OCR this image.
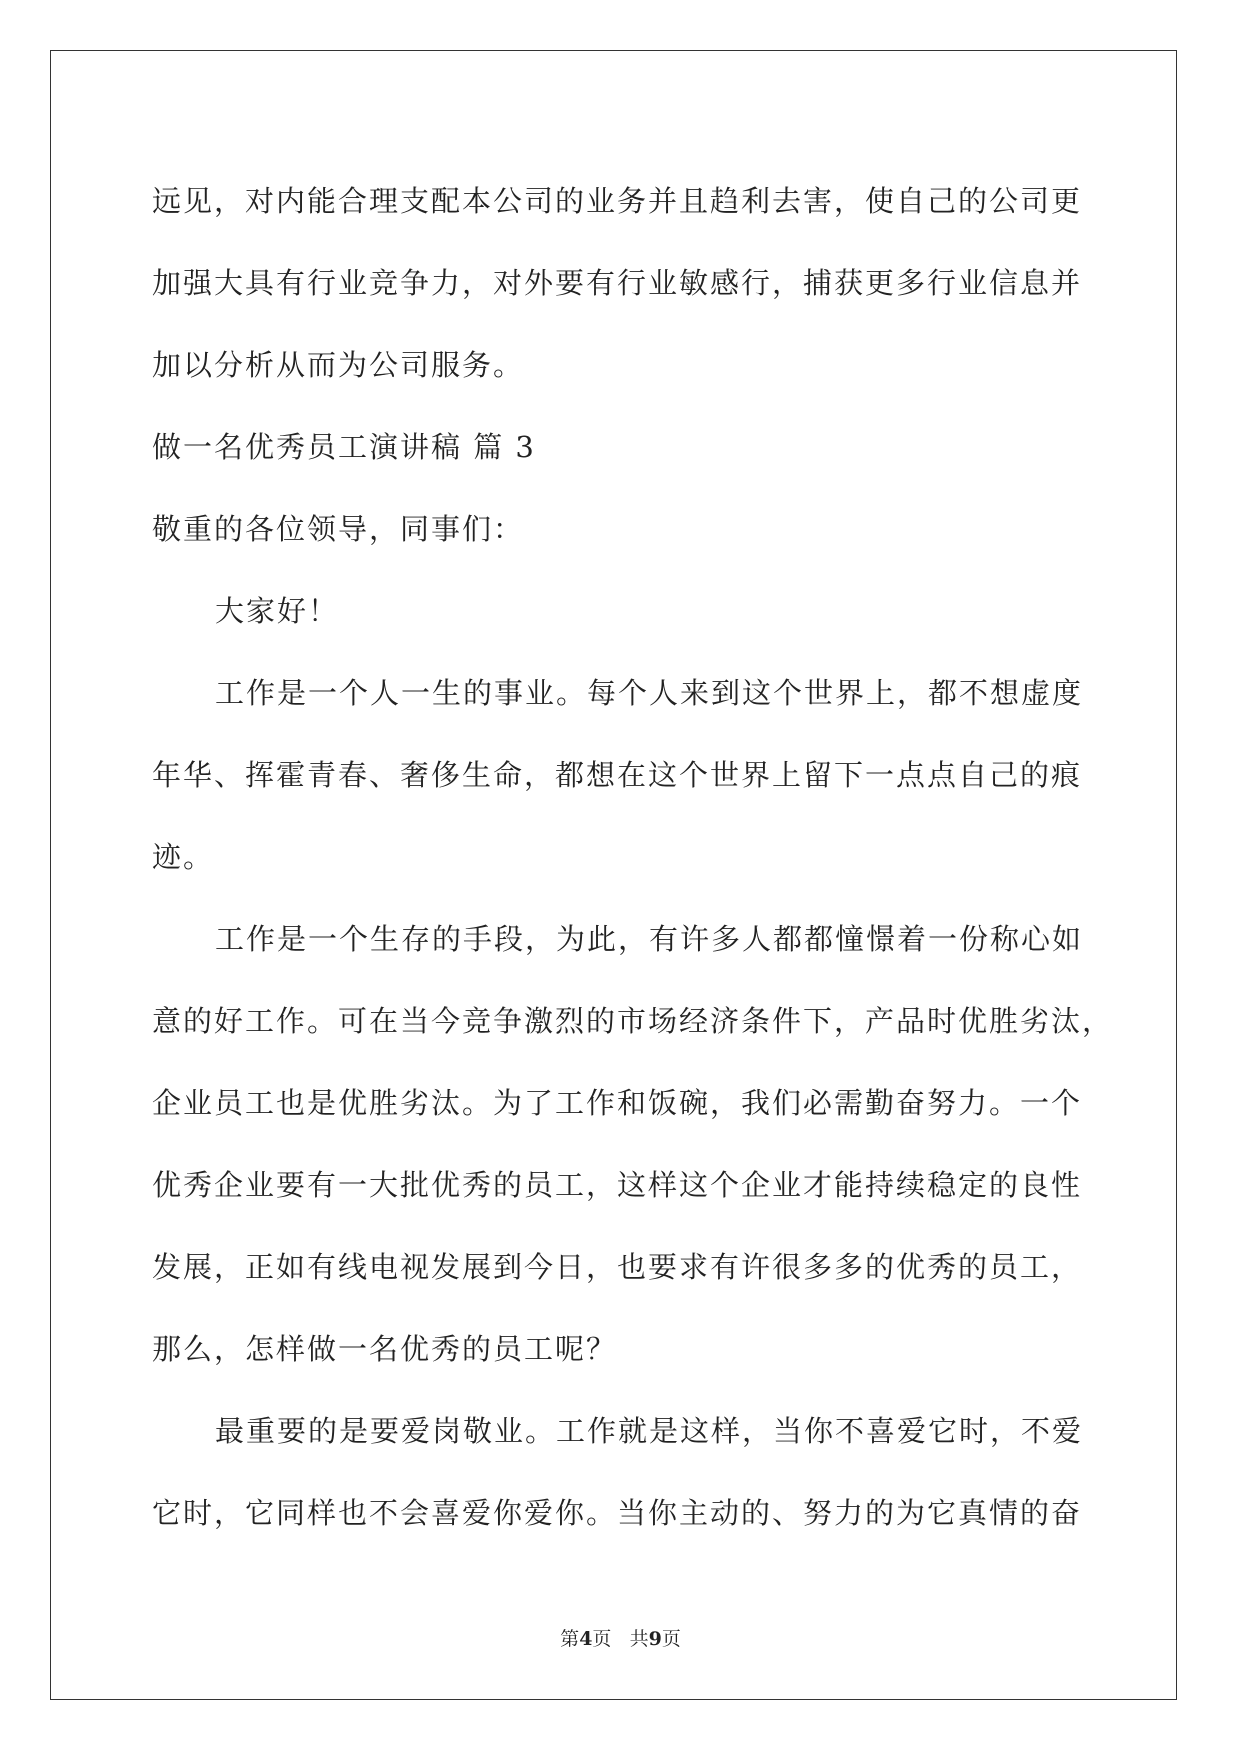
远见，对内能合理支配本公司的业务并且趋利去害，使自己的公司更
加强大具有行业竞争力，对外要有行业敏感行，捕获更多行业信息并
加以分析从而为公司服务。
做一名优秀员工演讲稿 篇 3
敬重的各位领导，同事们：
大家好！
工作是一个人一生的事业。每个人来到这个世界上，都不想虚度
年华、挥霍青春、奢侈生命，都想在这个世界上留下一点点自己的痕
迹。
工作是一个生存的手段，为此，有许多人都都憧憬着一份称心如
意的好工作。可在当今竞争激烈的市场经济条件下，产品时优胜劣汰，
企业员工也是优胜劣汰。为了工作和饭碗，我们必需勤奋努力。一个
优秀企业要有一大批优秀的员工，这样这个企业才能持续稳定的良性
发展，正如有线电视发展到今日，也要求有许很多多的优秀的员工，
那么，怎样做一名优秀的员工呢？
最重要的是要爱岗敬业。工作就是这样，当你不喜爱它时，不爱
它时，它同样也不会喜爱你爱你。当你主动的、努力的为它真情的奋
第4页 共9页
